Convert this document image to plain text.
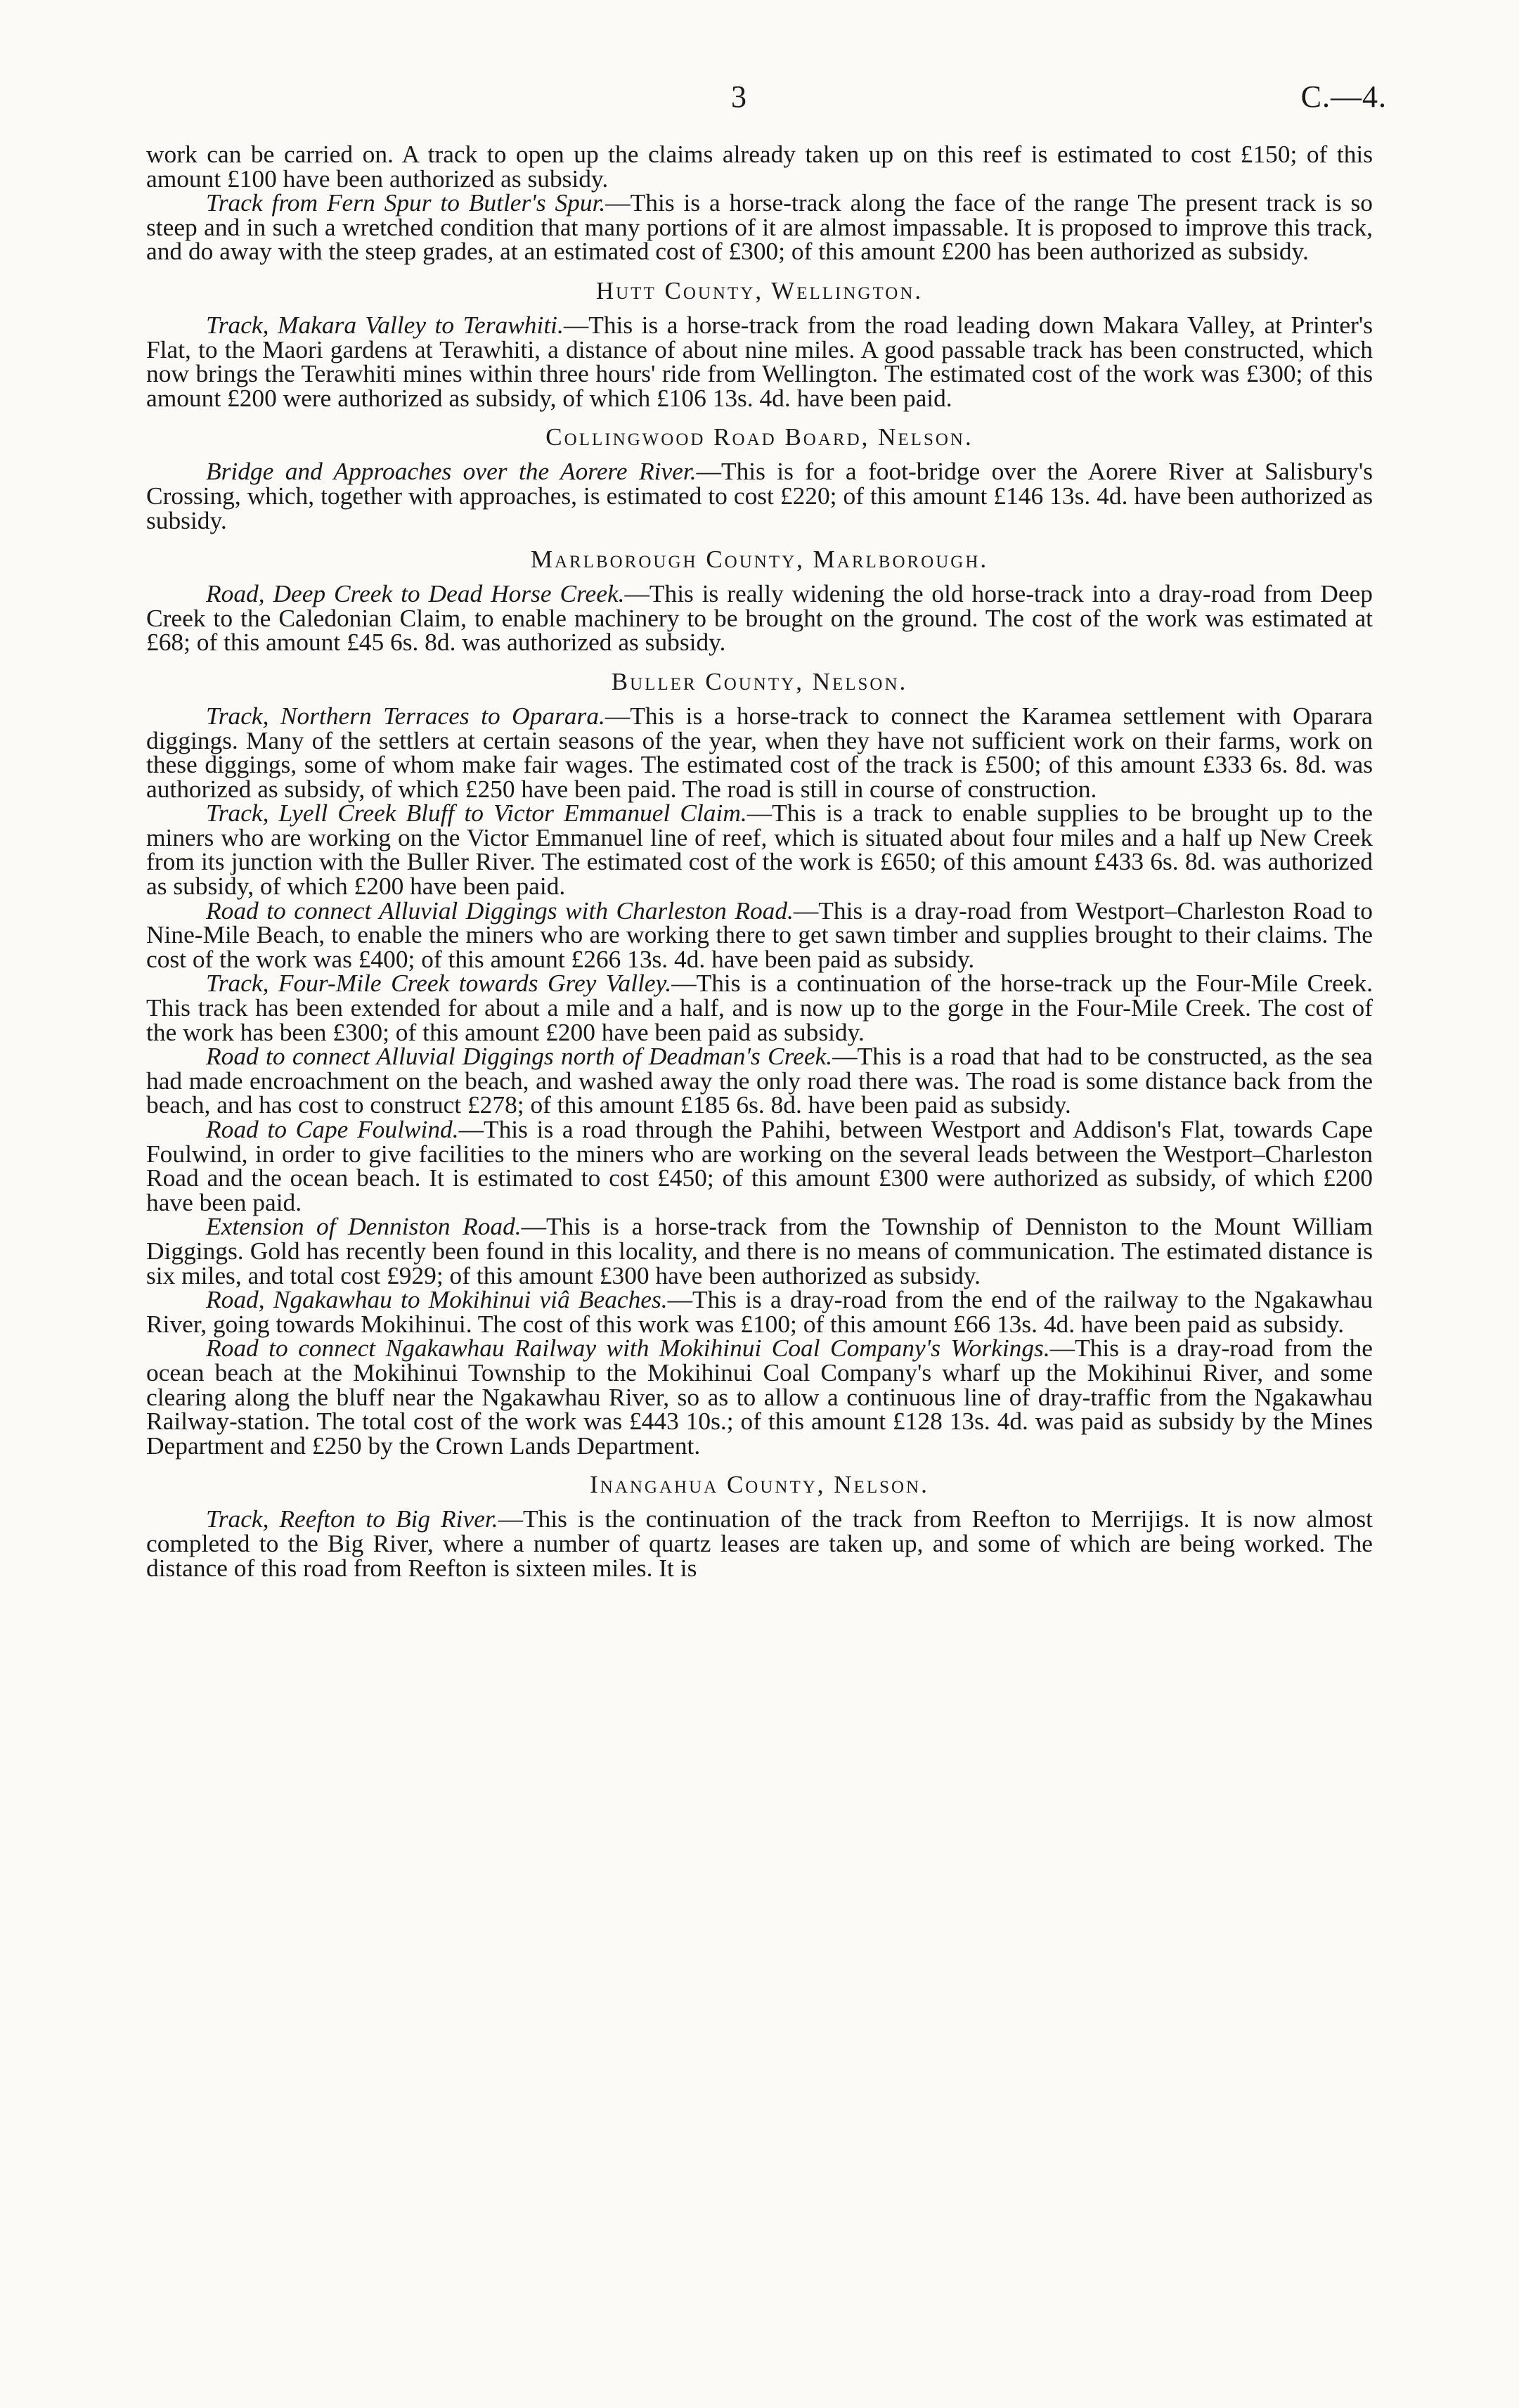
3	C.—4.

work can be carried on. A track to open up the claims already taken up on this reef is estimated to cost £150; of this amount £100 have been authorized as subsidy.

Track from Fern Spur to Butler's Spur.—This is a horse-track along the face of the range The present track is so steep and in such a wretched condition that many portions of it are almost impassable. It is proposed to improve this track, and do away with the steep grades, at an estimated cost of £300; of this amount £200 has been authorized as subsidy.

Hutt County, Wellington.

Track, Makara Valley to Terawhiti.—This is a horse-track from the road leading down Makara Valley, at Printer's Flat, to the Maori gardens at Terawhiti, a distance of about nine miles. A good passable track has been constructed, which now brings the Terawhiti mines within three hours' ride from Wellington. The estimated cost of the work was £300; of this amount £200 were authorized as subsidy, of which £106 13s. 4d. have been paid.

Collingwood Road Board, Nelson.

Bridge and Approaches over the Aorere River.—This is for a foot-bridge over the Aorere River at Salisbury's Crossing, which, together with approaches, is estimated to cost £220; of this amount £146 13s. 4d. have been authorized as subsidy.

Marlborough County, Marlborough.

Road, Deep Creek to Dead Horse Creek.—This is really widening the old horse-track into a dray-road from Deep Creek to the Caledonian Claim, to enable machinery to be brought on the ground. The cost of the work was estimated at £68; of this amount £45 6s. 8d. was authorized as subsidy.

Buller County, Nelson.

Track, Northern Terraces to Oparara.—This is a horse-track to connect the Karamea settlement with Oparara diggings. Many of the settlers at certain seasons of the year, when they have not sufficient work on their farms, work on these diggings, some of whom make fair wages. The estimated cost of the track is £500; of this amount £333 6s. 8d. was authorized as subsidy, of which £250 have been paid. The road is still in course of construction.

Track, Lyell Creek Bluff to Victor Emmanuel Claim.—This is a track to enable supplies to be brought up to the miners who are working on the Victor Emmanuel line of reef, which is situated about four miles and a half up New Creek from its junction with the Buller River. The estimated cost of the work is £650; of this amount £433 6s. 8d. was authorized as subsidy, of which £200 have been paid.

Road to connect Alluvial Diggings with Charleston Road.—This is a dray-road from Westport–Charleston Road to Nine-Mile Beach, to enable the miners who are working there to get sawn timber and supplies brought to their claims. The cost of the work was £400; of this amount £266 13s. 4d. have been paid as subsidy.

Track, Four-Mile Creek towards Grey Valley.—This is a continuation of the horse-track up the Four-Mile Creek. This track has been extended for about a mile and a half, and is now up to the gorge in the Four-Mile Creek. The cost of the work has been £300; of this amount £200 have been paid as subsidy.

Road to connect Alluvial Diggings north of Deadman's Creek.—This is a road that had to be constructed, as the sea had made encroachment on the beach, and washed away the only road there was. The road is some distance back from the beach, and has cost to construct £278; of this amount £185 6s. 8d. have been paid as subsidy.

Road to Cape Foulwind.—This is a road through the Pahihi, between Westport and Addison's Flat, towards Cape Foulwind, in order to give facilities to the miners who are working on the several leads between the Westport–Charleston Road and the ocean beach. It is estimated to cost £450; of this amount £300 were authorized as subsidy, of which £200 have been paid.

Extension of Denniston Road.—This is a horse-track from the Township of Denniston to the Mount William Diggings. Gold has recently been found in this locality, and there is no means of communication. The estimated distance is six miles, and total cost £929; of this amount £300 have been authorized as subsidy.

Road, Ngakawhau to Mokihinui viâ Beaches.—This is a dray-road from the end of the railway to the Ngakawhau River, going towards Mokihinui. The cost of this work was £100; of this amount £66 13s. 4d. have been paid as subsidy.

Road to connect Ngakawhau Railway with Mokihinui Coal Company's Workings.—This is a dray-road from the ocean beach at the Mokihinui Township to the Mokihinui Coal Company's wharf up the Mokihinui River, and some clearing along the bluff near the Ngakawhau River, so as to allow a continuous line of dray-traffic from the Ngakawhau Railway-station. The total cost of the work was £443 10s.; of this amount £128 13s. 4d. was paid as subsidy by the Mines Department and £250 by the Crown Lands Department.

Inangahua County, Nelson.

Track, Reefton to Big River.—This is the continuation of the track from Reefton to Merrijigs. It is now almost completed to the Big River, where a number of quartz leases are taken up, and some of which are being worked. The distance of this road from Reefton is sixteen miles. It is
